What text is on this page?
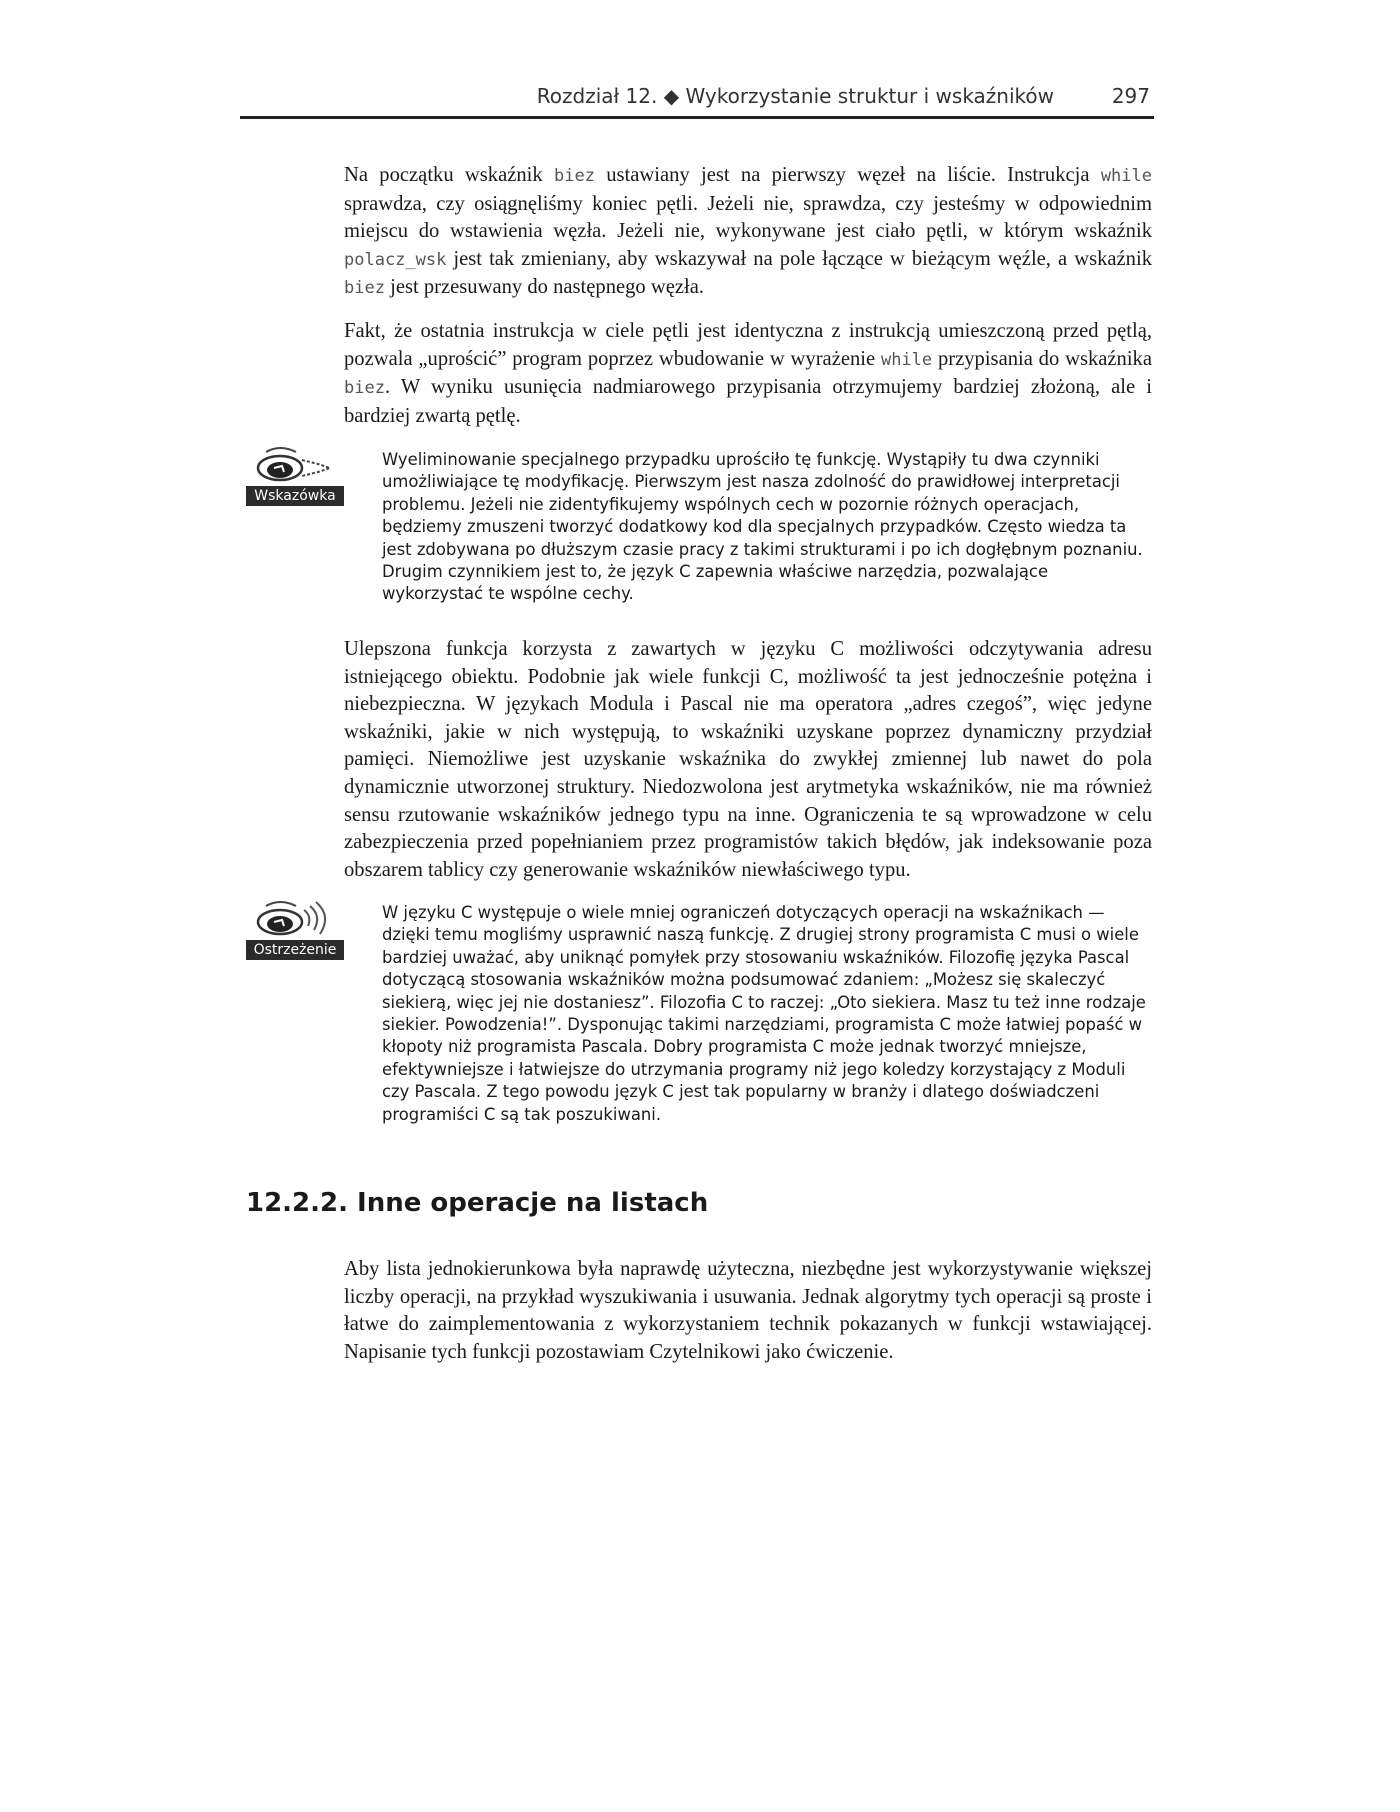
Rozdział 12. ◆ Wykorzystanie struktur i wskaźników	297

Na początku wskaźnik biez ustawiany jest na pierwszy węzeł na liście. Instrukcja while sprawdza, czy osiągnęliśmy koniec pętli. Jeżeli nie, sprawdza, czy jesteśmy w odpowiednim miejscu do wstawienia węzła. Jeżeli nie, wykonywane jest ciało pętli, w którym wskaźnik polacz_wsk jest tak zmieniany, aby wskazywał na pole łączące w bieżącym węźle, a wskaźnik biez jest przesuwany do następnego węzła.

Fakt, że ostatnia instrukcja w ciele pętli jest identyczna z instrukcją umieszczoną przed pętlą, pozwala „uprościć” program poprzez wbudowanie w wyrażenie while przypisania do wskaźnika biez. W wyniku usunięcia nadmiarowego przypisania otrzymujemy bardziej złożoną, ale i bardziej zwartą pętlę.

Wskazówka

Wyeliminowanie specjalnego przypadku uprościło tę funkcję. Wystąpiły tu dwa czynniki umożliwiające tę modyfikację. Pierwszym jest nasza zdolność do prawidłowej interpretacji problemu. Jeżeli nie zidentyfikujemy wspólnych cech w pozornie różnych operacjach, będziemy zmuszeni tworzyć dodatkowy kod dla specjalnych przypadków. Często wiedza ta jest zdobywana po dłuższym czasie pracy z takimi strukturami i po ich dogłębnym poznaniu. Drugim czynnikiem jest to, że język C zapewnia właściwe narzędzia, pozwalające wykorzystać te wspólne cechy.

Ulepszona funkcja korzysta z zawartych w języku C możliwości odczytywania adresu istniejącego obiektu. Podobnie jak wiele funkcji C, możliwość ta jest jednocześnie potężna i niebezpieczna. W językach Modula i Pascal nie ma operatora „adres czegoś”, więc jedyne wskaźniki, jakie w nich występują, to wskaźniki uzyskane poprzez dynamiczny przydział pamięci. Niemożliwe jest uzyskanie wskaźnika do zwykłej zmiennej lub nawet do pola dynamicznie utworzonej struktury. Niedozwolona jest arytmetyka wskaźników, nie ma również sensu rzutowanie wskaźników jednego typu na inne. Ograniczenia te są wprowadzone w celu zabezpieczenia przed popełnianiem przez programistów takich błędów, jak indeksowanie poza obszarem tablicy czy generowanie wskaźników niewłaściwego typu.

Ostrzeżenie

W języku C występuje o wiele mniej ograniczeń dotyczących operacji na wskaźnikach — dzięki temu mogliśmy usprawnić naszą funkcję. Z drugiej strony programista C musi o wiele bardziej uważać, aby uniknąć pomyłek przy stosowaniu wskaźników. Filozofię języka Pascal dotyczącą stosowania wskaźników można podsumować zdaniem: „Możesz się skaleczyć siekierą, więc jej nie dostaniesz”. Filozofia C to raczej: „Oto siekiera. Masz tu też inne rodzaje siekier. Powodzenia!”. Dysponując takimi narzędziami, programista C może łatwiej popaść w kłopoty niż programista Pascala. Dobry programista C może jednak tworzyć mniejsze, efektywniejsze i łatwiejsze do utrzymania programy niż jego koledzy korzystający z Moduli czy Pascala. Z tego powodu język C jest tak popularny w branży i dlatego doświadczeni programiści C są tak poszukiwani.

12.2.2. Inne operacje na listach

Aby lista jednokierunkowa była naprawdę użyteczna, niezbędne jest wykorzystywanie większej liczby operacji, na przykład wyszukiwania i usuwania. Jednak algorytmy tych operacji są proste i łatwe do zaimplementowania z wykorzystaniem technik pokazanych w funkcji wstawiającej. Napisanie tych funkcji pozostawiam Czytelnikowi jako ćwiczenie.
